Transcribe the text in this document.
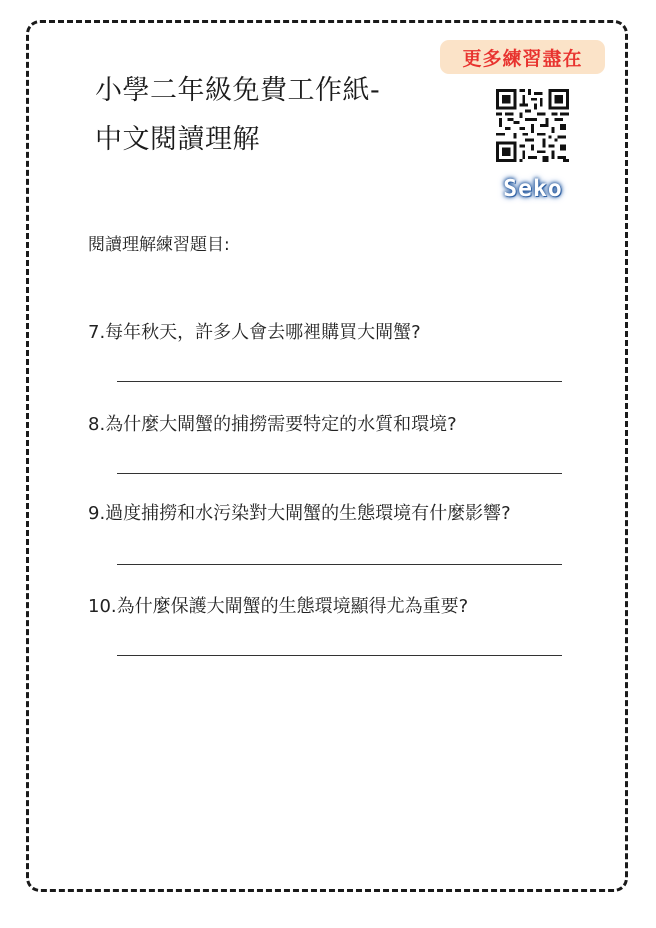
小學二年級免費工作紙-
中文閱讀理解
更多練習盡在
Seko
閱讀理解練習題目:
7.每年秋天，許多人會去哪裡購買大閘蟹?
8.為什麼大閘蟹的捕撈需要特定的水質和環境?
9.過度捕撈和水污染對大閘蟹的生態環境有什麼影響?
10.為什麼保護大閘蟹的生態環境顯得尤為重要?
